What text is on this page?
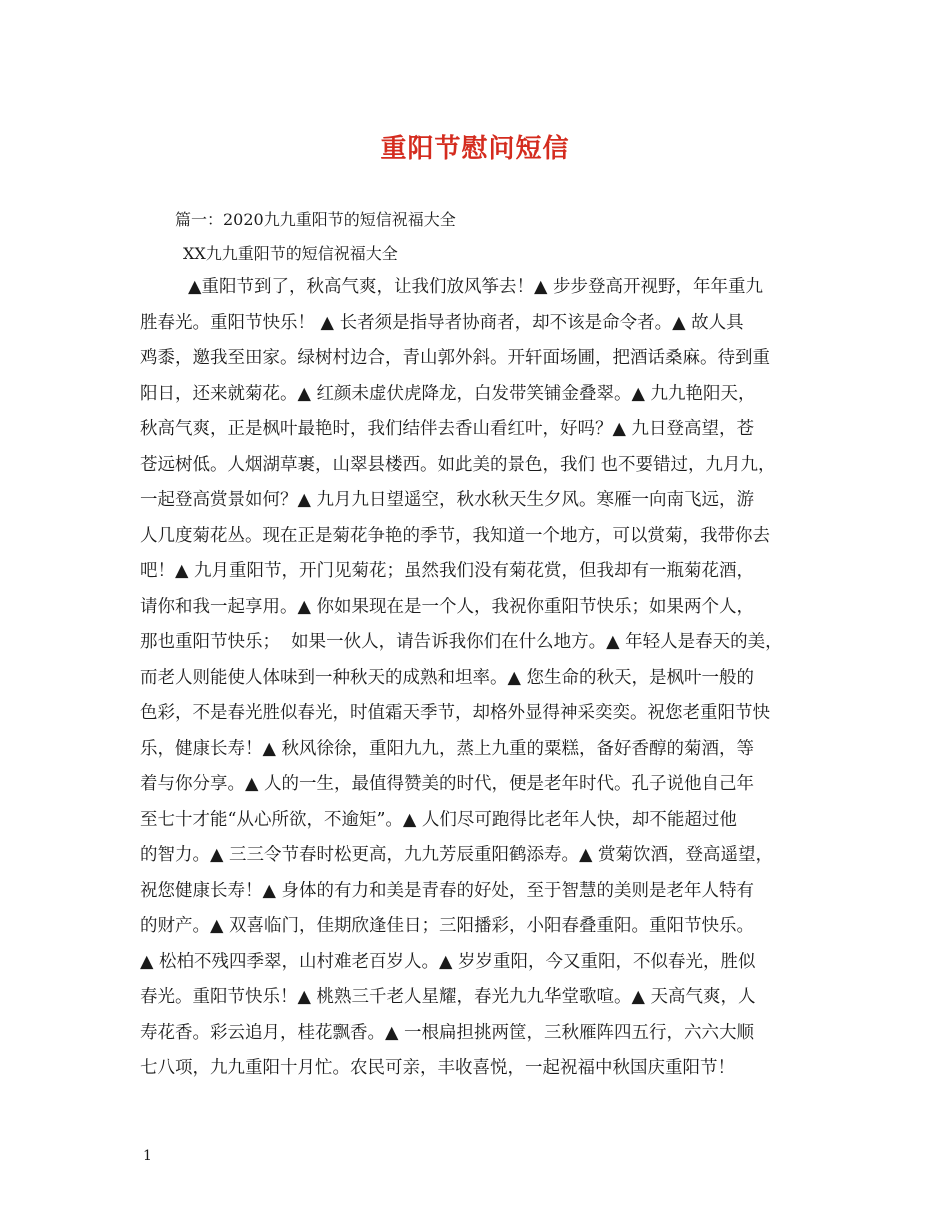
重阳节慰问短信

篇一：2020九九重阳节的短信祝福大全

XX九九重阳节的短信祝福大全

▲重阳节到了，秋高气爽，让我们放风筝去！▲ 步步登高开视野，年年重九
胜春光。重阳节快乐！ ▲ 长者须是指导者协商者，却不该是命令者。▲ 故人具
鸡黍，邀我至田家。绿树村边合，青山郭外斜。开轩面场圃，把酒话桑麻。待到重
阳日，还来就菊花。▲ 红颜未虚伏虎降龙，白发带笑铺金叠翠。▲ 九九艳阳天，
秋高气爽，正是枫叶最艳时，我们结伴去香山看红叶，好吗？▲ 九日登高望，苍
苍远树低。人烟湖草裹，山翠县楼西。如此美的景色，我们 也不要错过，九月九，
一起登高赏景如何？▲ 九月九日望遥空，秋水秋天生夕风。寒雁一向南飞远，游
人几度菊花丛。现在正是菊花争艳的季节，我知道一个地方，可以赏菊，我带你去
吧！▲ 九月重阳节，开门见菊花；虽然我们没有菊花赏，但我却有一瓶菊花酒，
请你和我一起享用。▲ 你如果现在是一个人，我祝你重阳节快乐；如果两个人，
那也重阳节快乐；  如果一伙人，请告诉我你们在什么地方。▲ 年轻人是春天的美，
而老人则能使人体味到一种秋天的成熟和坦率。▲ 您生命的秋天，是枫叶一般的
色彩，不是春光胜似春光，时值霜天季节，却格外显得神采奕奕。祝您老重阳节快
乐，健康长寿！▲ 秋风徐徐，重阳九九，蒸上九重的粟糕，备好香醇的菊酒，等
着与你分享。▲ 人的一生，最值得赞美的时代，便是老年时代。孔子说他自己年
至七十才能“从心所欲，不逾矩”。▲ 人们尽可跑得比老年人快，却不能超过他
的智力。▲ 三三令节春时松更高，九九芳辰重阳鹤添寿。▲ 赏菊饮酒，登高遥望，
祝您健康长寿！▲ 身体的有力和美是青春的好处，至于智慧的美则是老年人特有
的财产。▲ 双喜临门，佳期欣逢佳日；三阳播彩，小阳春叠重阳。重阳节快乐。
▲ 松柏不残四季翠，山村难老百岁人。▲ 岁岁重阳，今又重阳，不似春光，胜似
春光。重阳节快乐！▲ 桃熟三千老人星耀，春光九九华堂歌喧。▲ 天高气爽，人
寿花香。彩云追月，桂花飘香。▲ 一根扁担挑两筐，三秋雁阵四五行，六六大顺
七八项，九九重阳十月忙。农民可亲，丰收喜悦，一起祝福中秋国庆重阳节！

1
